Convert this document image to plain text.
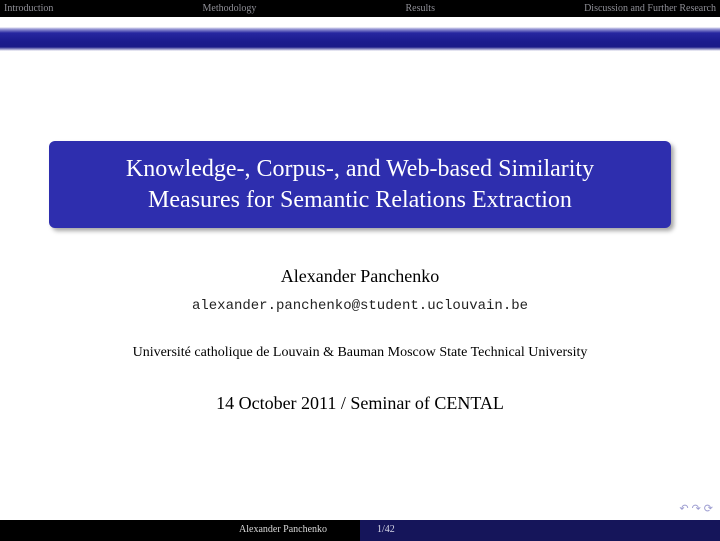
Introduction	Methodology	Results	Discussion and Further Research
Knowledge-, Corpus-, and Web-based Similarity
Measures for Semantic Relations Extraction
Alexander Panchenko
alexander.panchenko@student.uclouvain.be
Université catholique de Louvain & Bauman Moscow State Technical University
14 October 2011 / Seminar of CENTAL
↶ ↷ ⟳
Alexander Panchenko	1/42
